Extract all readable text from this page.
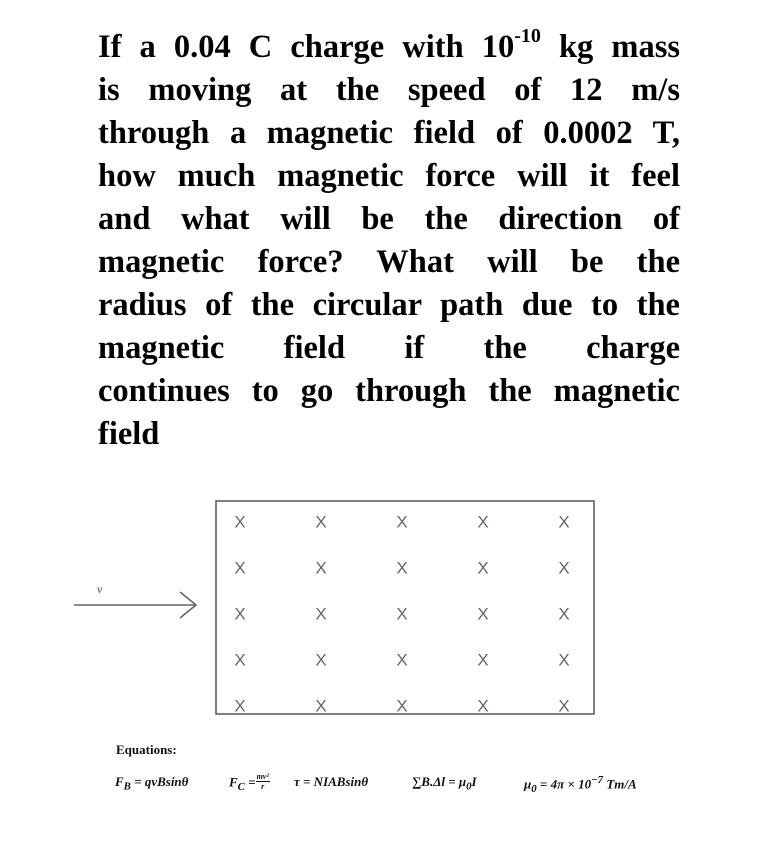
If a 0.04 C charge with $10^{-10}$ kg mass
is moving at the speed of 12 m/s
through a magnetic field of 0.0002 T,
how much magnetic force will it feel
and what will be the direction of
magnetic force? What will be the
radius of the circular path due to the
magnetic field if the charge
continues to go through the magnetic
field
X	X	X	X	X
X	X	X	X	X
X	X	X	X	X
X	X	X	X	X
X	X	X	X	X
v
Equations:
$F_B = qvBsin\theta$	$F_C = \frac{\text{mv²}}{r}$ τ = NIABsinθ	$\sum B.\Delta l = \mu_0I$	$\mu_0 = 4\pi \times 10^{-7}$ Tm/A
